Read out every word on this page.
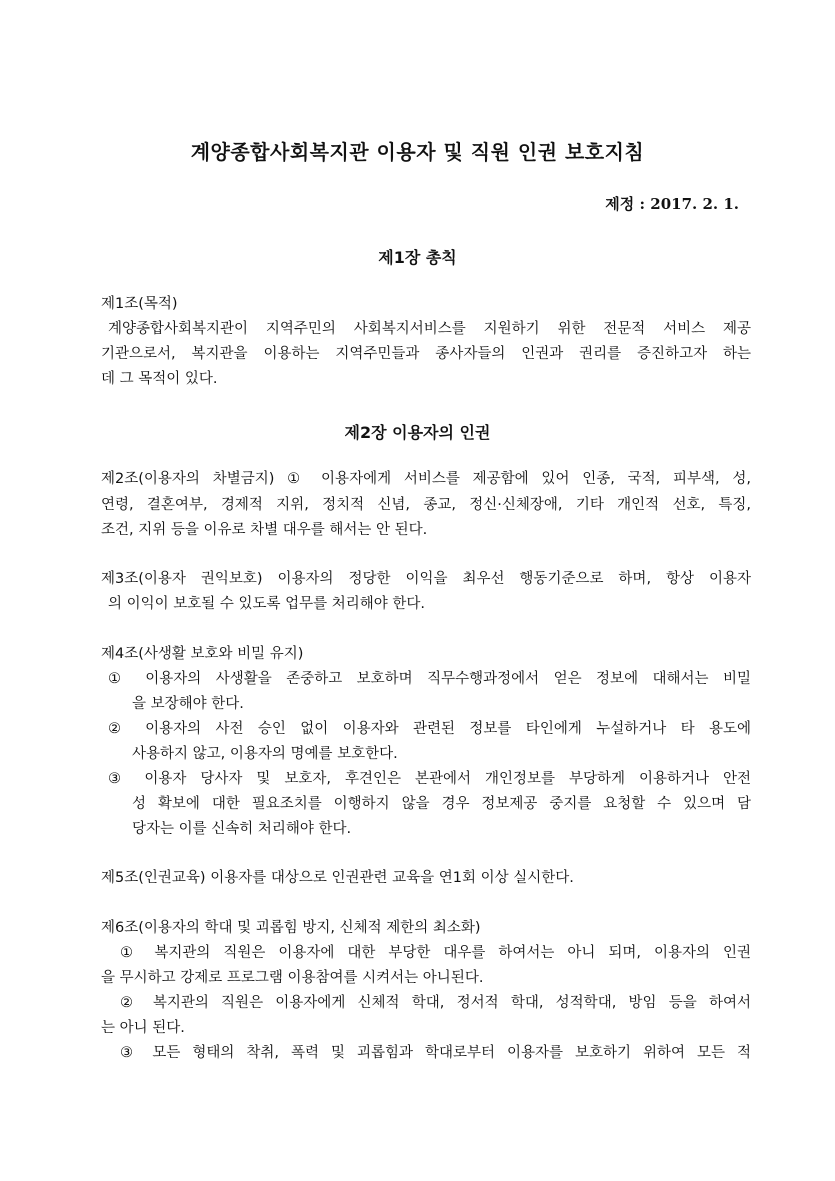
계양종합사회복지관 이용자 및 직원 인권 보호지침
제정 : 2017. 2. 1.
제1장 총칙
제1조(목적)
계양종합사회복지관이 지역주민의 사회복지서비스를 지원하기 위한 전문적 서비스 제공
기관으로서, 복지관을 이용하는 지역주민들과 종사자들의 인권과 권리를 증진하고자 하는
데 그 목적이 있다.
제2장 이용자의 인권
제2조(이용자의 차별금지) ① 이용자에게 서비스를 제공함에 있어 인종, 국적, 피부색, 성,
연령, 결혼여부, 경제적 지위, 정치적 신념, 종교, 정신·신체장애, 기타 개인적 선호, 특징,
조건, 지위 등을 이유로 차별 대우를 해서는 안 된다.
제3조(이용자 권익보호) 이용자의 정당한 이익을 최우선 행동기준으로 하며, 항상 이용자
의 이익이 보호될 수 있도록 업무를 처리해야 한다.
제4조(사생활 보호와 비밀 유지)
① 이용자의 사생활을 존중하고 보호하며 직무수행과정에서 얻은 정보에 대해서는 비밀
을 보장해야 한다.
② 이용자의 사전 승인 없이 이용자와 관련된 정보를 타인에게 누설하거나 타 용도에
사용하지 않고, 이용자의 명예를 보호한다.
③ 이용자 당사자 및 보호자, 후견인은 본관에서 개인정보를 부당하게 이용하거나 안전
성 확보에 대한 필요조치를 이행하지 않을 경우 정보제공 중지를 요청할 수 있으며 담
당자는 이를 신속히 처리해야 한다.
제5조(인권교육) 이용자를 대상으로 인권관련 교육을 연1회 이상 실시한다.
제6조(이용자의 학대 및 괴롭힘 방지, 신체적 제한의 최소화)
① 복지관의 직원은 이용자에 대한 부당한 대우를 하여서는 아니 되며, 이용자의 인권
을 무시하고 강제로 프로그램 이용참여를 시켜서는 아니된다.
② 복지관의 직원은 이용자에게 신체적 학대, 정서적 학대, 성적학대, 방임 등을 하여서
는 아니 된다.
③ 모든 형태의 착취, 폭력 및 괴롭힘과 학대로부터 이용자를 보호하기 위하여 모든 적
